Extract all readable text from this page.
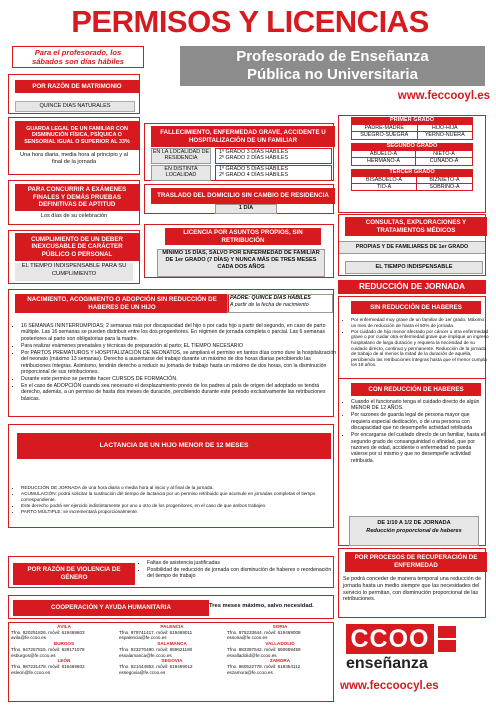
PERMISOS Y LICENCIAS
Para el profesorado, los
sábados son días hábiles	Profesorado de Enseñanza
Pública no Universitaria
www.feccooyl.es
POR RAZÓN DE MATRIMONIO
QUINCE DIAS NATURALES
GUARDA LEGAL DE UN FAMILIAR CON DISMINUCIÓN FÍSICA, PSÍQUICA O SENSORIAL IGUAL O SUPERIOR AL 33%
Una hora diaria, media hora al principio y al final de la jornada
PARA CONCURRIR A EXÁMENES FINALES Y DEMÁS PRUEBAS DEFINITIVAS DE APTITUD
Los días de su celebración
CUMPLIMIENTO DE UN DEBER INEXCUSABLE DE CARÁCTER PÚBLICO O PERSONAL
EL TIEMPO INDISPENSABLE PARA SU CUMPLIMIENTO
FALLECIMIENTO, ENFERMEDAD GRAVE, ACCIDENTE U HOSPITALIZACIÓN DE UN FAMILIAR
EN LA LOCALIDAD DE RESIDENCIA
1º GRADO 3 DÍAS HÁBILES
2º GRADO 2 DÍAS HÁBILES
EN DISTINTA LOCALIDAD
1º GRADO 5 DÍAS HÁBILES
2º GRADO 4 DÍAS HÁBILES
TRASLADO DEL DOMICILIO SIN CAMBIO DE RESIDENCIA
1 DÍA
LICENCIA POR ASUNTOS PROPIOS, SIN RETRIBUCIÓN
MÍNIMO 15 DÍAS, SALVO POR ENFERMEDAD DE FAMILIAR DE 1er GRADO (7 DÍAS) Y NUNCA MÁS DE TRES MESES CADA DOS AÑOS
PRIMER GRADO
PADRE-MADRE	HIJO-HIJA
SUEGRO-SUEGRA	YERNO-NUERA
SEGUNDO GRADO
ABUELO-A	NIETO-A
HERMANO-A	CUÑADO-A
TERCER GRADO
BISABUELO-A	BIZNIETO-A
TIO-A	SOBRINO-A
CONSULTAS, EXPLORACIONES Y TRATAMIENTOS MÉDICOS
PROPIAS Y DE FAMILIARES DE 1er GRADO
EL TIEMPO INDISPENSABLE
NACIMIENTO, ACOGIMIENTO O ADOPCIÓN SIN REDUCCIÓN DE HABERES DE UN HIJO
PADRE: QUINCE DÍAS HÁBILES
A partir de la fecha de nacimiento
• 16 SEMANAS ININTERRUMPIDAS; 2 semanas más por discapacidad del hijo o por cada hijo a partir del segundo, en caso de parto múltiple. Las 16 semanas se pueden distribuir entre los dos progenitores. En régimen de jornada completa o parcial. Las 6 semanas posteriores al parto son obligatorias para la madre.
• Para realizar exámenes prenatales y técnicas de preparación al parto; EL TIEMPO NECESARIO
• Por PARTOS PREMATUROS Y HOSPITALIZACIÓN DE NEONATOS, se ampliará el permiso en tantos días como dure la hospitalización del neonato (máximo 13 semanas). Derecho a ausentarse del trabajo durante un máximo de dos horas diarias percibiendo las retribuciones íntegras. Asimismo, tendrán derecho a reducir su jornada de trabajo hasta un máximo de dos horas, con la disminución proporcional de sus retribuciones.
• Durante este permiso se permite hacer CURSOS DE FORMACIÓN.
• En el caso de ADOPCIÓN cuando sea necesario el desplazamiento previo de los padres al país de origen del adoptado se tendrá derecho, además, a un permiso de hasta dos meses de duración, percibiendo durante este periodo exclusivamente las retribuciones básicas.
LACTANCIA DE UN HIJO MENOR DE 12 MESES
• REDUCCIÓN DE JORNADA de una hora diaria o media hora al inicio y al final de la jornada.
• ACUMULACIÓN: podrá solicitar la sustitución del tiempo de lactancia por un permiso retribuido que acumule en jornadas completas el tiempo correspondiente.
• Este derecho podrá ser ejercido indistintamente por uno u otro de los progenitores, en el caso de que ambos trabajen.
• PARTO MÚLTIPLE: se incrementará proporcionalmente.
POR RAZÓN DE VIOLENCIA DE GÉNERO
• Faltas de asistencia justificadas
• Posibilidad de reducción de jornada con disminución de haberes o reordenación del tiempo de trabajo
COOPERACIÓN Y AYUDA HUMANITARIA	Tres meses máximo, salvo necesidad.
REDUCCIÓN DE JORNADA
SIN REDUCCIÓN DE HABERES
• Por enfermedad muy grave de un familiar de 1er grado. Máximo un mes de reducción de hasta el 50% de jornada.
• Por cuidado de hijo menor afectado por cáncer u otra enfermedad grave o por cuidar otra enfermedad grave que implique un ingreso hospitalario de larga duración y requiera la necesidad de su cuidado directo, continuo y permanente. Reducción de la jornada de trabajo de al menos la mitad de la duración de aquella, percibiendo las retribuciones íntegras hasta que el menor cumpla los 18 años.
CON REDUCCIÓN DE HABERES
• Cuando el funcionario tenga el cuidado directo de algún MENOR DE 12 AÑOS.
• Por razones de guarda legal de persona mayor que requiera especial dedicación, o de una persona con discapacidad que no desempeñe actividad retribuida
• Por encargarse del cuidado directo de un familiar, hasta el segundo grado de consanguinidad o afinidad, que por razones de edad, accidente o enfermedad no pueda valerse por sí mismo y que no desempeñe actividad retribuida.
DE 1/10 A 1/2 DE JORNADA
Reducción proporcional de haberes
POR PROCESOS DE RECUPERACIÓN DE ENFERMEDAD
Se podrá conceder de manera temporal una reducción de jornada hasta un medio siempre que las necesidades del servicio lo permitan, con disminución proporcional de las retribuciones.
ÁVILA
Tfno. 920251826. móvil: 619469603
avila@fe.ccoo.es
BURGOS
Tfno. 947257815. móvil: 628171078
esburgos@fe.ccoo.es
LEÓN
Tfno. 987231478. móvil: 619469603
esleon@fe.ccoo.es
PALENCIA
Tfno. 979741417. móvil: 619469011
espalencia@fe.ccoo.es
SALAMANCA
Tfno. 923270490. móvil: 659621180
essalamanca@fe.ccoo.es
SEGOVIA
Tfno. 921444853. móvil: 619469012
essegovia@fe.ccoo.es
SORIA
Tfno. 975233644. móvil: 619469008
essoria@fe.ccoo.es
VALLADOLID
Tfno. 983397542. móvil: 650659459
esvalladolid@fe.ccoo.es
ZAMORA
Tfno. 980522778. móvil: 618354112
eszamora@fe.ccoo.es
CCOO
enseñanza
www.feccoocyl.es
